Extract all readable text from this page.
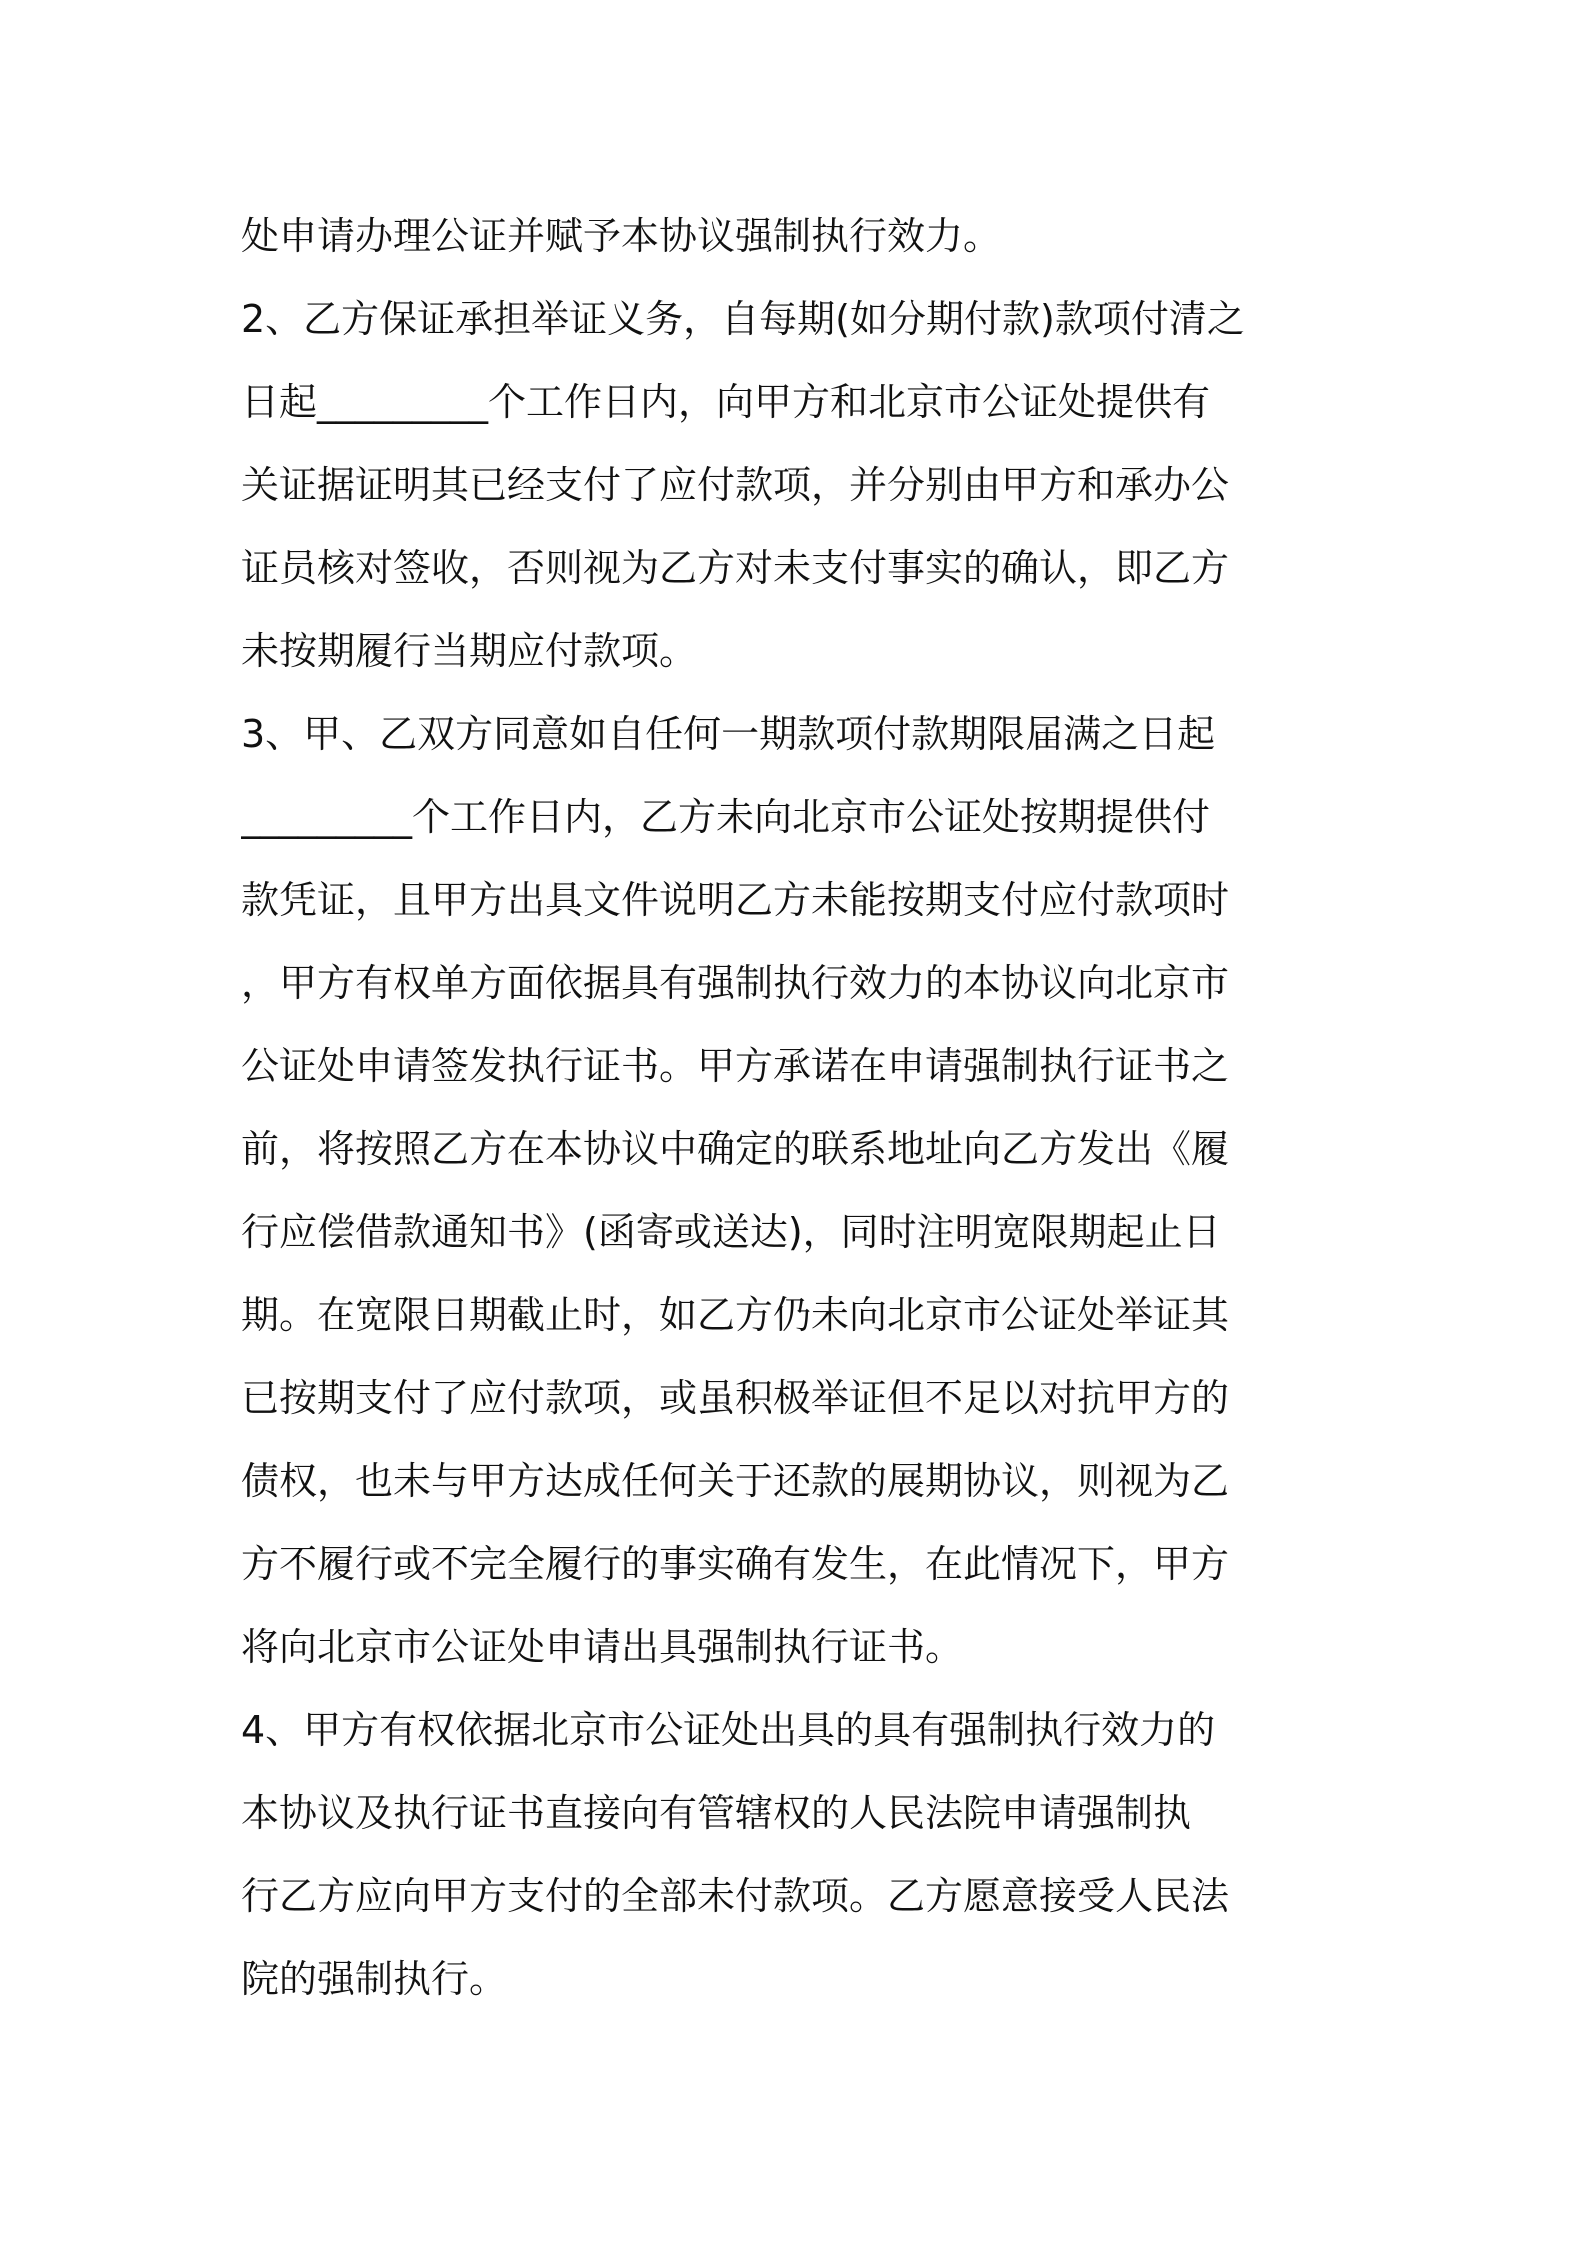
处申请办理公证并赋予本协议强制执行效力。
2、乙方保证承担举证义务，自每期(如分期付款)款项付清之
日起_________个工作日内，向甲方和北京市公证处提供有
关证据证明其已经支付了应付款项，并分别由甲方和承办公
证员核对签收，否则视为乙方对未支付事实的确认，即乙方
未按期履行当期应付款项。
3、甲、乙双方同意如自任何一期款项付款期限届满之日起
_________个工作日内，乙方未向北京市公证处按期提供付
款凭证，且甲方出具文件说明乙方未能按期支付应付款项时
，甲方有权单方面依据具有强制执行效力的本协议向北京市
公证处申请签发执行证书。甲方承诺在申请强制执行证书之
前，将按照乙方在本协议中确定的联系地址向乙方发出《履
行应偿借款通知书》(函寄或送达)，同时注明宽限期起止日
期。在宽限日期截止时，如乙方仍未向北京市公证处举证其
已按期支付了应付款项，或虽积极举证但不足以对抗甲方的
债权，也未与甲方达成任何关于还款的展期协议，则视为乙
方不履行或不完全履行的事实确有发生，在此情况下，甲方
将向北京市公证处申请出具强制执行证书。
4、甲方有权依据北京市公证处出具的具有强制执行效力的
本协议及执行证书直接向有管辖权的人民法院申请强制执
行乙方应向甲方支付的全部未付款项。乙方愿意接受人民法
院的强制执行。
